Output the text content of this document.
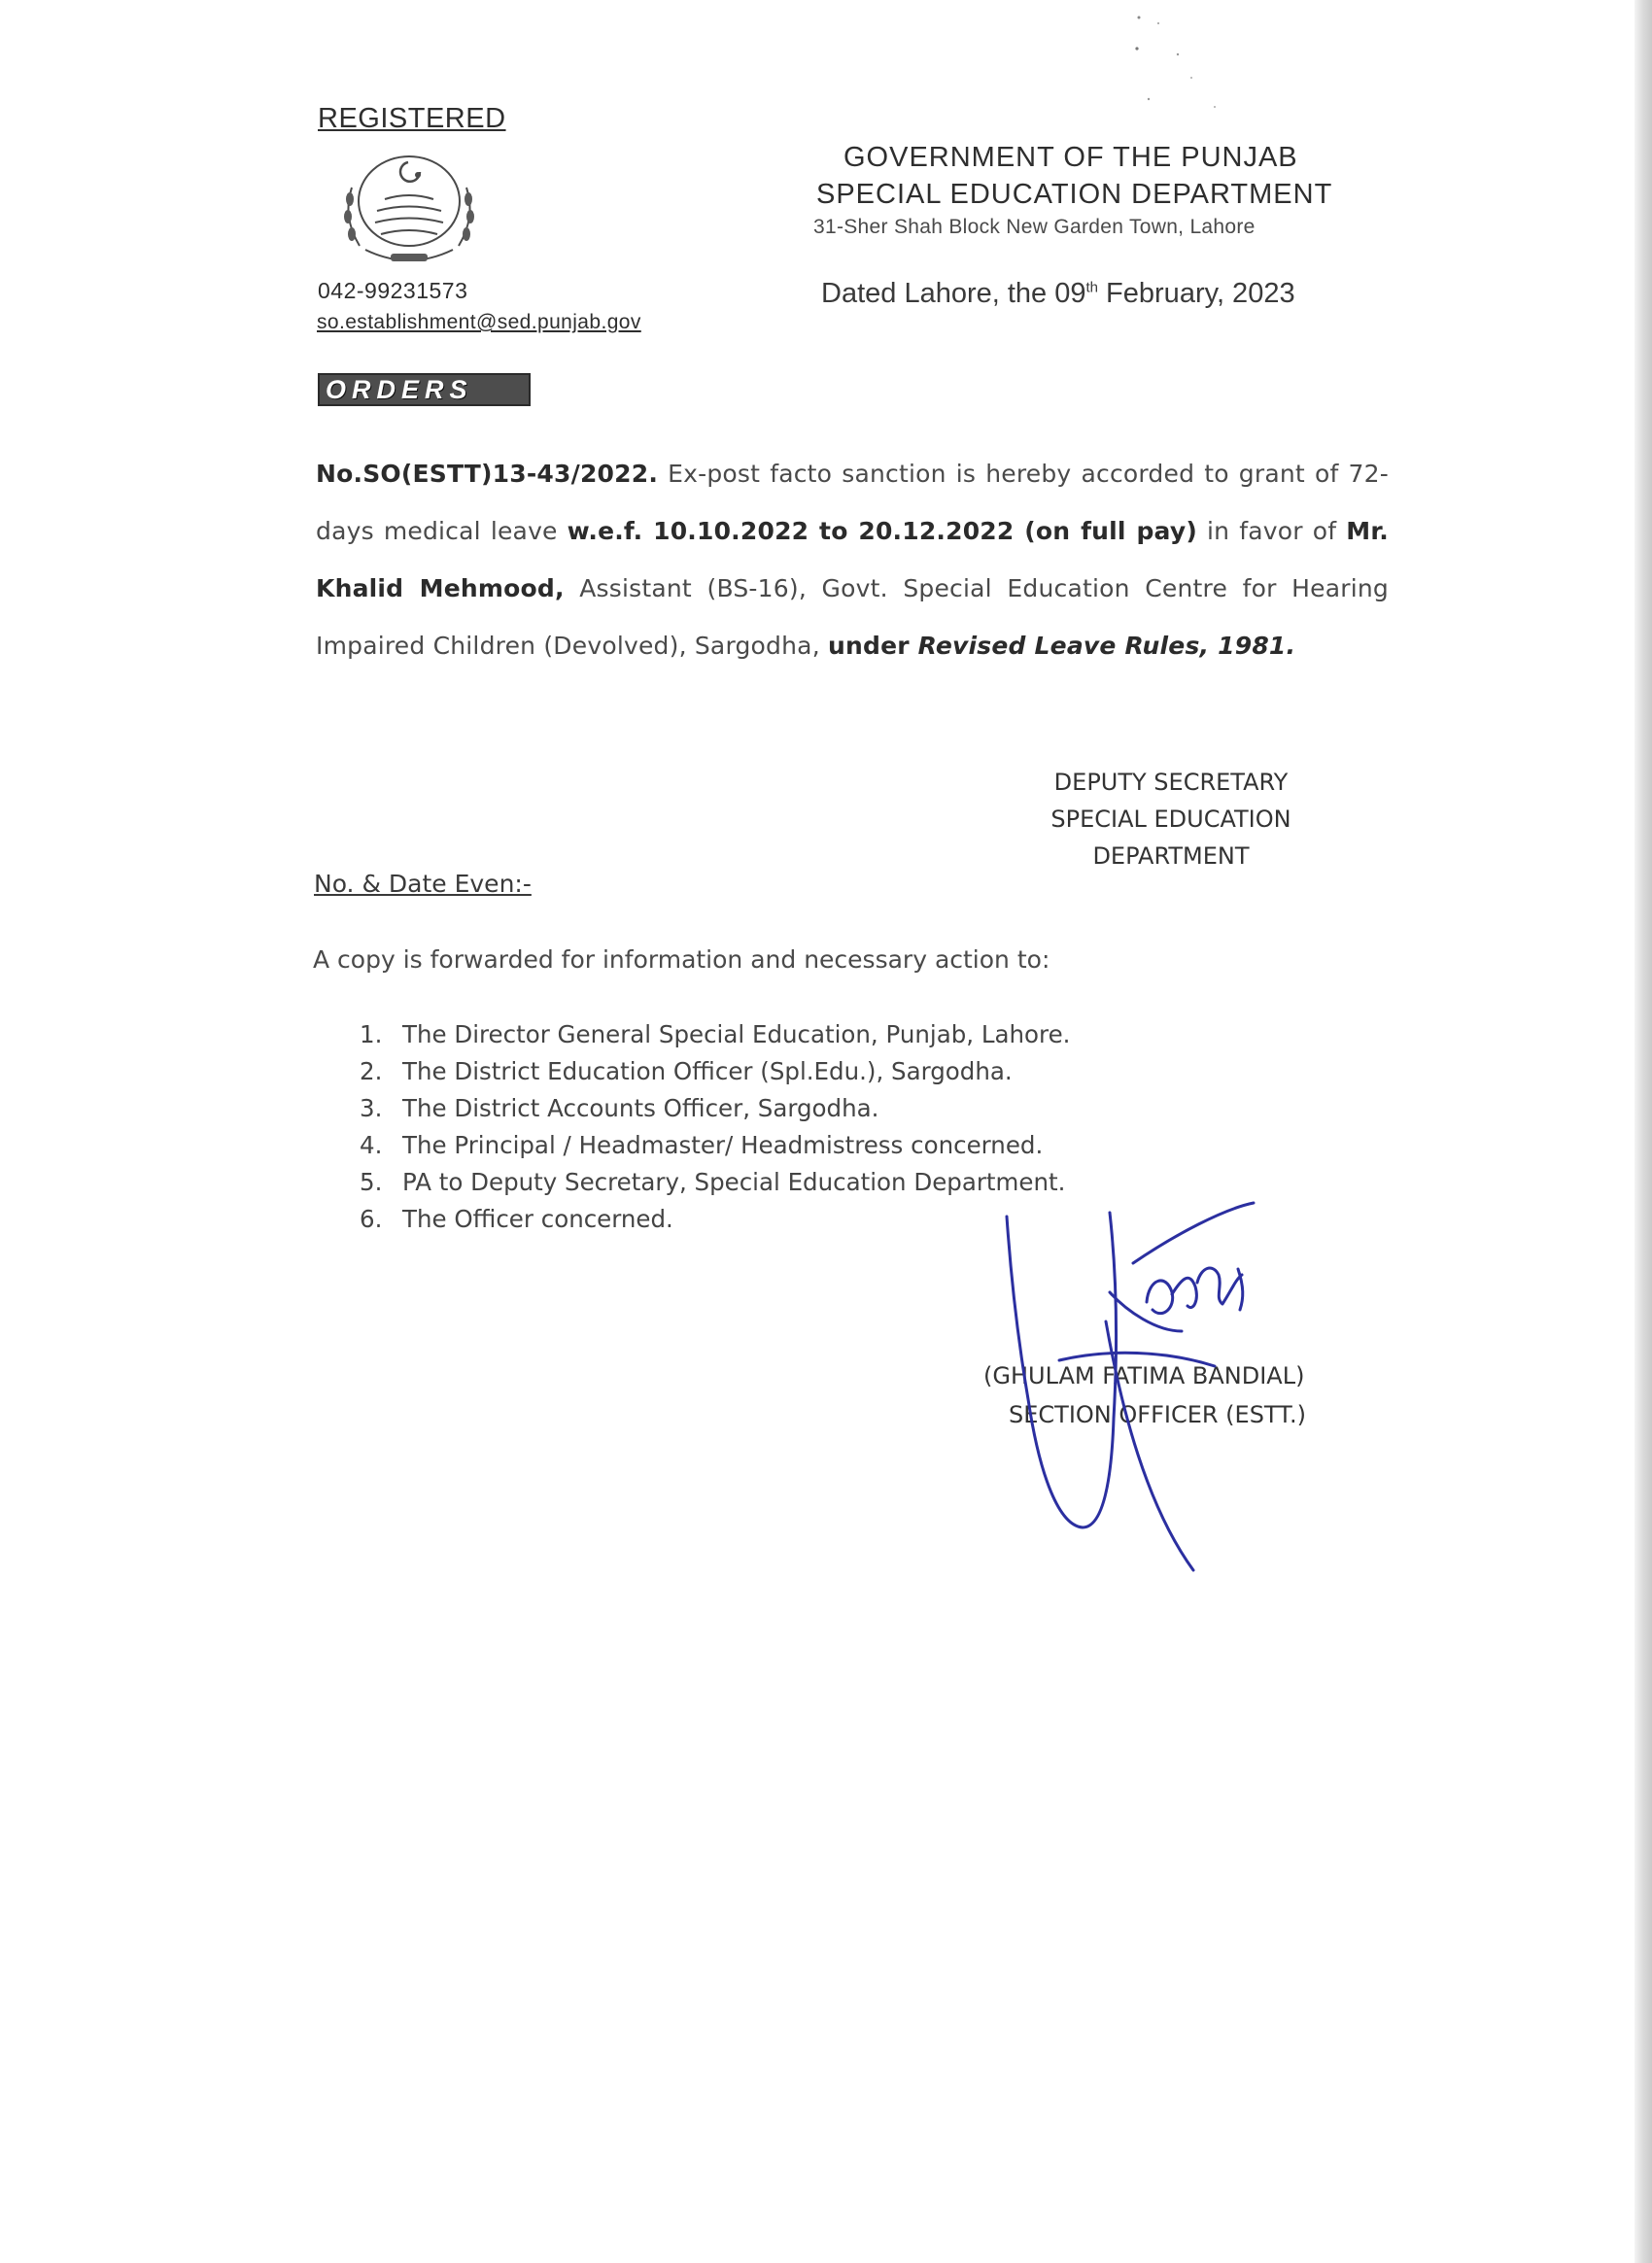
REGISTERED
042-99231573
so.establishment@sed.punjab.gov
GOVERNMENT OF THE PUNJAB
SPECIAL EDUCATION DEPARTMENT
31-Sher Shah Block New Garden Town, Lahore
Dated Lahore, the 09th February, 2023
ORDERS
No.SO(ESTT)13-43/2022. Ex-post facto sanction is hereby accorded to grant of 72-days medical leave w.e.f. 10.10.2022 to 20.12.2022 (on full pay) in favor of Mr. Khalid Mehmood, Assistant (BS-16), Govt. Special Education Centre for Hearing Impaired Children (Devolved), Sargodha, under Revised Leave Rules, 1981.
DEPUTY SECRETARY
SPECIAL EDUCATION
DEPARTMENT
No. & Date Even:-
A copy is forwarded for information and necessary action to:
1. The Director General Special Education, Punjab, Lahore.
2. The District Education Officer (Spl.Edu.), Sargodha.
3. The District Accounts Officer, Sargodha.
4. The Principal / Headmaster/ Headmistress concerned.
5. PA to Deputy Secretary, Special Education Department.
6. The Officer concerned.
(GHULAM FATIMA BANDIAL)
SECTION OFFICER (ESTT.)
